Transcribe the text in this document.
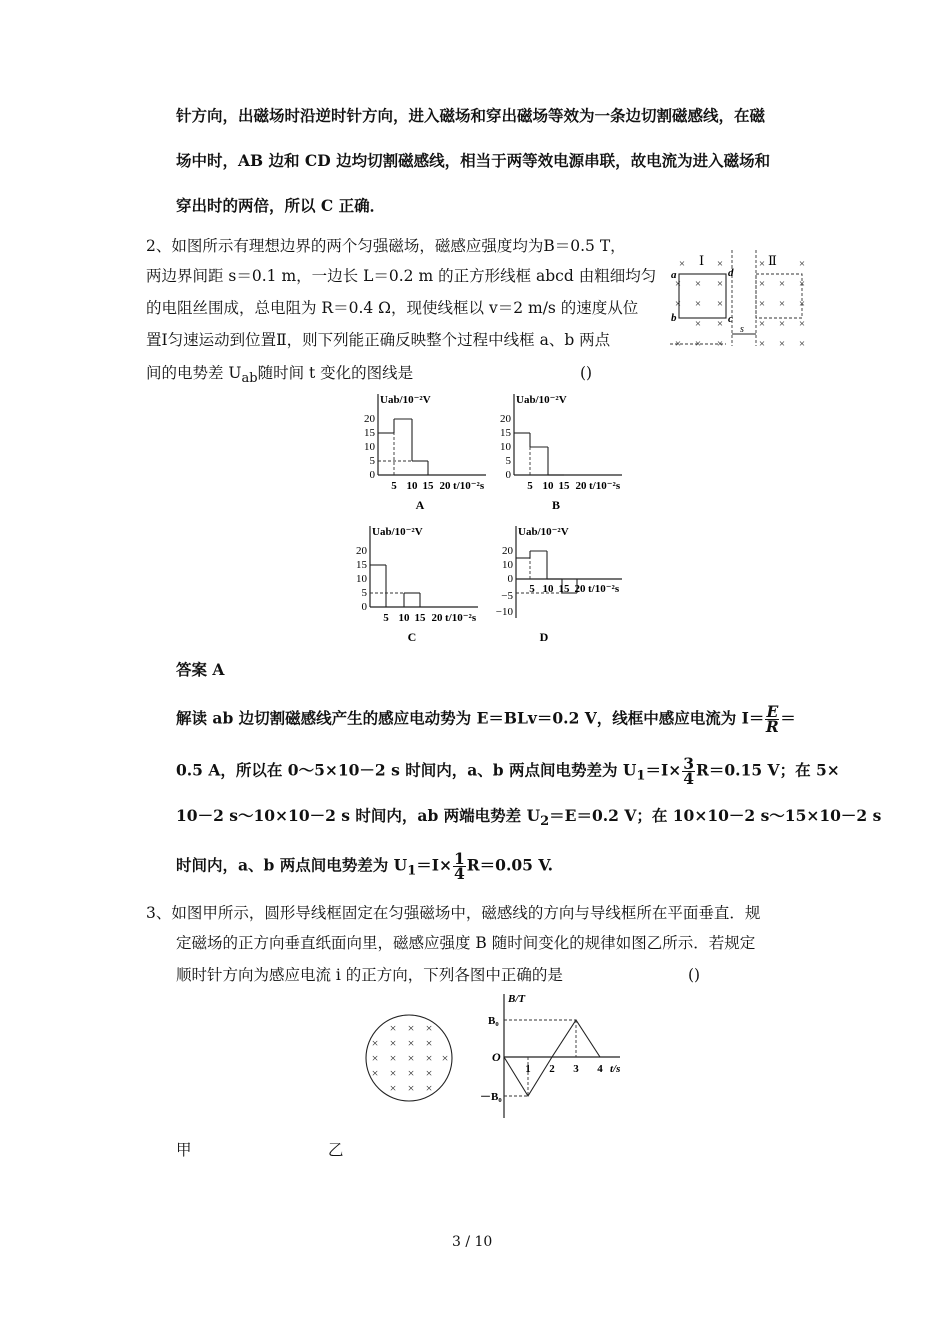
针方向，出磁场时沿逆时针方向，进入磁场和穿出磁场等效为一条边切割磁感线，在磁
场中时，AB 边和 CD 边均切割磁感线，相当于两等效电源串联，故电流为进入磁场和
穿出时的两倍，所以 C 正确．
2、如图所示有理想边界的两个匀强磁场，磁感应强度均为B＝0.5 T，
两边界间距 s＝0.1 m，一边长 L＝0.2 m 的正方形线框 abcd 由粗细均匀
的电阻丝围成，总电阻为 R＝0.4 Ω，现使线框以 v＝2 m/s 的速度从位
置Ⅰ匀速运动到位置Ⅱ，则下列能正确反映整个过程中线框 a、b 两点
间的电势差 $U_{ab}$随时间 t 变化的图线是	()
×	×
× × ×
× × ×
× ×
× × ×
×	×
× × ×
× × ×
× × ×
× × ×
Ⅰ	Ⅱ
a
b	c
d
s
Uab/10⁻²V
20
15
10
5
0
5 10 15 20 t/10⁻²s
A
Uab/10⁻²V
20
15
10
5
0
5 10 15 20 t/10⁻²s
B
Uab/10⁻²V
20
15
10
5
0
5 10 15 20 t/10⁻²s
C
Uab/10⁻²V
20
10
0
−5
−10
5 10 15 20 t/10⁻²s
D
答案 A
解读 ab 边切割磁感线产生的感应电动势为 E＝BLv＝0.2 V，线框中感应电流为 $I= \frac{E}{R}$ ＝
0.5 A，所以在 0～5×10－2 s 时间内，a、b 两点间电势差为 $U_1=I\times \frac{3}{4} R=0.15$ V；在 5×
10－2 s～10×10－2 s 时间内，ab 两端电势差 $U_2=E=0.2$ V；在 10×10－2 s～15×10－2 s
时间内，a、b 两点间电势差为 $U_1=I\times \frac{1}{4} R=0.05$ V.
3、如图甲所示，圆形导线框固定在匀强磁场中，磁感线的方向与导线框所在平面垂直．规
定磁场的正方向垂直纸面向里，磁感应强度 B 随时间变化的规律如图乙所示．若规定
顺时针方向为感应电流 i 的正方向，下列各图中正确的是	()
× × ×
× × × ×
× × × × ×
× × × ×
× × ×
B/T
O
B₀
－B₀
1 2 3 4 t/s
甲	乙
3 / 10
